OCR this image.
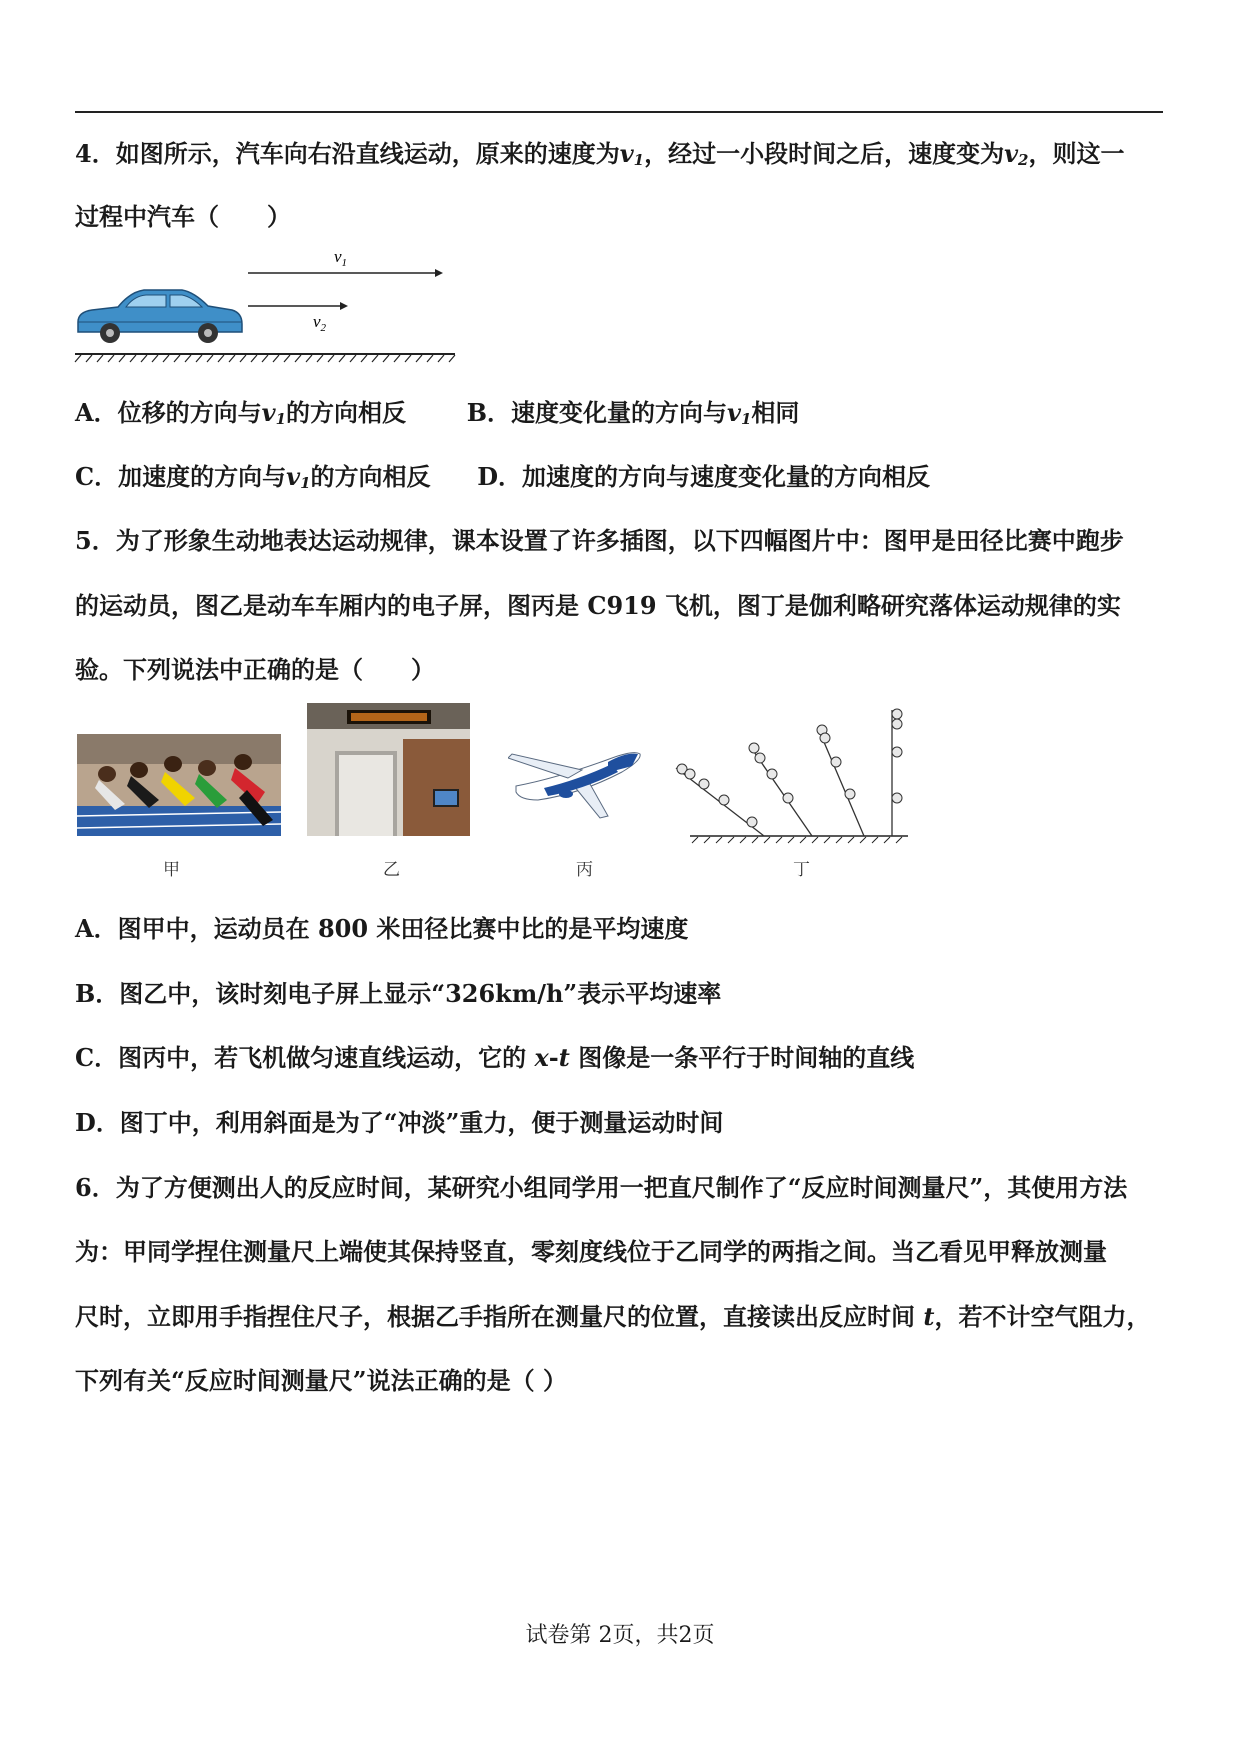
4．如图所示，汽车向右沿直线运动，原来的速度为$v_1$，经过一小段时间之后，速度变为$v_2$，则这一
过程中汽车（　　）
$v_1$
$v_2$
A．位移的方向与$v_1$的方向相反	B．速度变化量的方向与$v_1$相同
C．加速度的方向与$v_1$的方向相反 D．加速度的方向与速度变化量的方向相反
5．为了形象生动地表达运动规律，课本设置了许多插图，以下四幅图片中：图甲是田径比赛中跑步
的运动员，图乙是动车车厢内的电子屏，图丙是 C919 飞机，图丁是伽利略研究落体运动规律的实
验。下列说法中正确的是（　　）
甲	乙	丙	丁
A．图甲中，运动员在 800 米田径比赛中比的是平均速度
B．图乙中，该时刻电子屏上显示“326km/h”表示平均速率
C．图丙中，若飞机做匀速直线运动，它的 x-t 图像是一条平行于时间轴的直线
D．图丁中，利用斜面是为了“冲淡”重力，便于测量运动时间
6．为了方便测出人的反应时间，某研究小组同学用一把直尺制作了“反应时间测量尺”，其使用方法
为：甲同学捏住测量尺上端使其保持竖直，零刻度线位于乙同学的两指之间。当乙看见甲释放测量
尺时，立即用手指捏住尺子，根据乙手指所在测量尺的位置，直接读出反应时间 t，若不计空气阻力，
下列有关“反应时间测量尺”说法正确的是（ ）
试卷第 2页，共2页
